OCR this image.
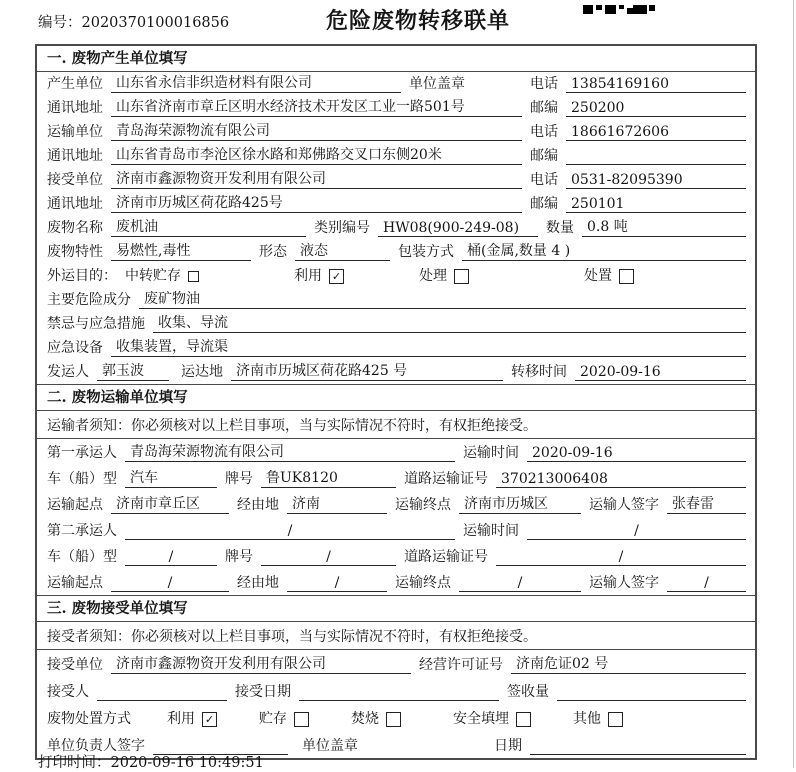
编号：2020370100016856	危险废物转移联单
一. 废物产生单位填写
产生单位 山东省永信非织造材料有限公司	单位盖章	电话 13854169160
通讯地址 山东省济南市章丘区明水经济技术开发区工业一路501号	邮编 250200
运输单位 青岛海荣源物流有限公司	电话 18661672606
通讯地址 山东省青岛市李沧区徐水路和郑佛路交叉口东侧20米	邮编
接受单位 济南市鑫源物资开发利用有限公司	电话 0531-82095390
通讯地址 济南市历城区荷花路425号	邮编 250101
废物名称 废机油	类别编号 HW08(900-249-08)	数量 0.8 吨
废物特性 易燃性,毒性	形态 液态	包装方式 桶(金属,数量 4 )
外运目的： 中转贮存	利用 ✓	处理	处置
主要危险成分 废矿物油
禁忌与应急措施 收集、导流
应急设备 收集装置，导流渠
发运人 郭玉波	运达地 济南市历城区荷花路425 号	转移时间 2020-09-16
二. 废物运输单位填写
运输者须知：你必须核对以上栏目事项，当与实际情况不符时，有权拒绝接受。
第一承运人 青岛海荣源物流有限公司	运输时间 2020-09-16
车（船）型 汽车	牌号 鲁UK8120	道路运输证号 370213006408
运输起点 济南市章丘区	经由地 济南	运输终点 济南市历城区	运输人签字 张春雷
第二承运人	/	运输时间	/
车（船）型	/	牌号	/	道路运输证号	/
运输起点	/	经由地	/	运输终点	/	运输人签字	/
三. 废物接受单位填写
接受者须知：你必须核对以上栏目事项，当与实际情况不符时，有权拒绝接受。
接受单位 济南市鑫源物资开发利用有限公司	经营许可证号 济南危证02 号
接受人	接受日期	签收量
废物处置方式	利用 ✓	贮存	焚烧	安全填埋	其他
单位负责人签字	单位盖章	日期
打印时间：2020-09-16 10:49:51
